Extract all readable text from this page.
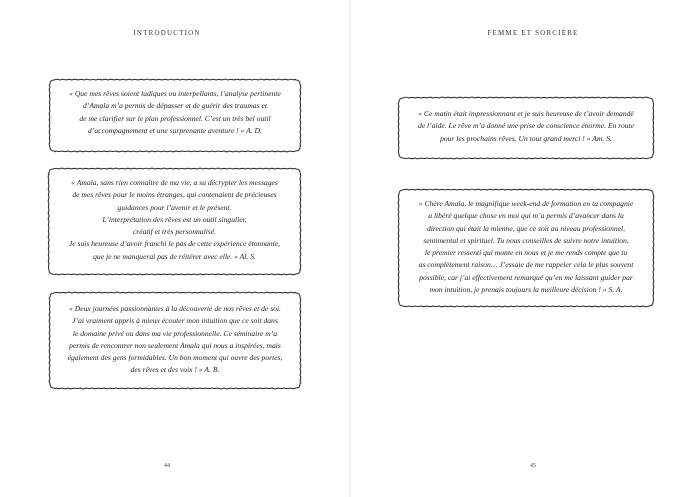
INTRODUCTION
« Que mes rêves soient ludiques ou interpellants, l’analyse pertinente
d’Amala m’a permis de dépasser et de guérir des traumas et
de me clarifier sur le plan professionnel. C’est un très bel outil
d’accompagnement et une surprenante aventure ! » A. D.
« Amala, sans rien connaître de ma vie, a su décrypter les messages
de mes rêves pour le moins étranges, qui contenaient de précieuses
guidances pour l’avenir et le présent.
L’interprétation des rêves est un outil singulier,
créatif et très personnalisé.
Je suis heureuse d’avoir franchi le pas de cette expérience étonnante,
que je ne manquerai pas de réitérer avec elle. » Al. S.
« Deux journées passionnantes à la découverte de nos rêves et de soi.
J’ai vraiment appris à mieux écouter mon intuition que ce soit dans
le domaine privé ou dans ma vie professionnelle. Ce séminaire m’a
permis de rencontrer non seulement Amala qui nous a inspirées, mais
également des gens formidables. Un bon moment qui ouvre des portes,
des rêves et des voix ! » A. B.
44
FEMME ET SORCIÈRE
« Ce matin était impressionnant et je suis heureuse de t’avoir demandé
de l’aide. Le rêve m’a donné une prise de conscience énorme. En route
pour les prochains rêves. Un tout grand merci ! » Am. S.
« Chère Amala, le magnifique week-end de formation en ta compagnie
a libéré quelque chose en moi qui m’a permis d’avancer dans la
direction qui était la mienne, que ce soit au niveau professionnel,
sentimental et spirituel. Tu nous conseilles de suivre notre intuition,
le premier ressenti qui monte en nous et je me rends compte que tu
as complètement raison… J’essaie de me rappeler cela le plus souvent
possible, car j’ai effectivement remarqué qu’en me laissant guider par
mon intuition, je prenais toujours la meilleure décision ! » S. A.
45
